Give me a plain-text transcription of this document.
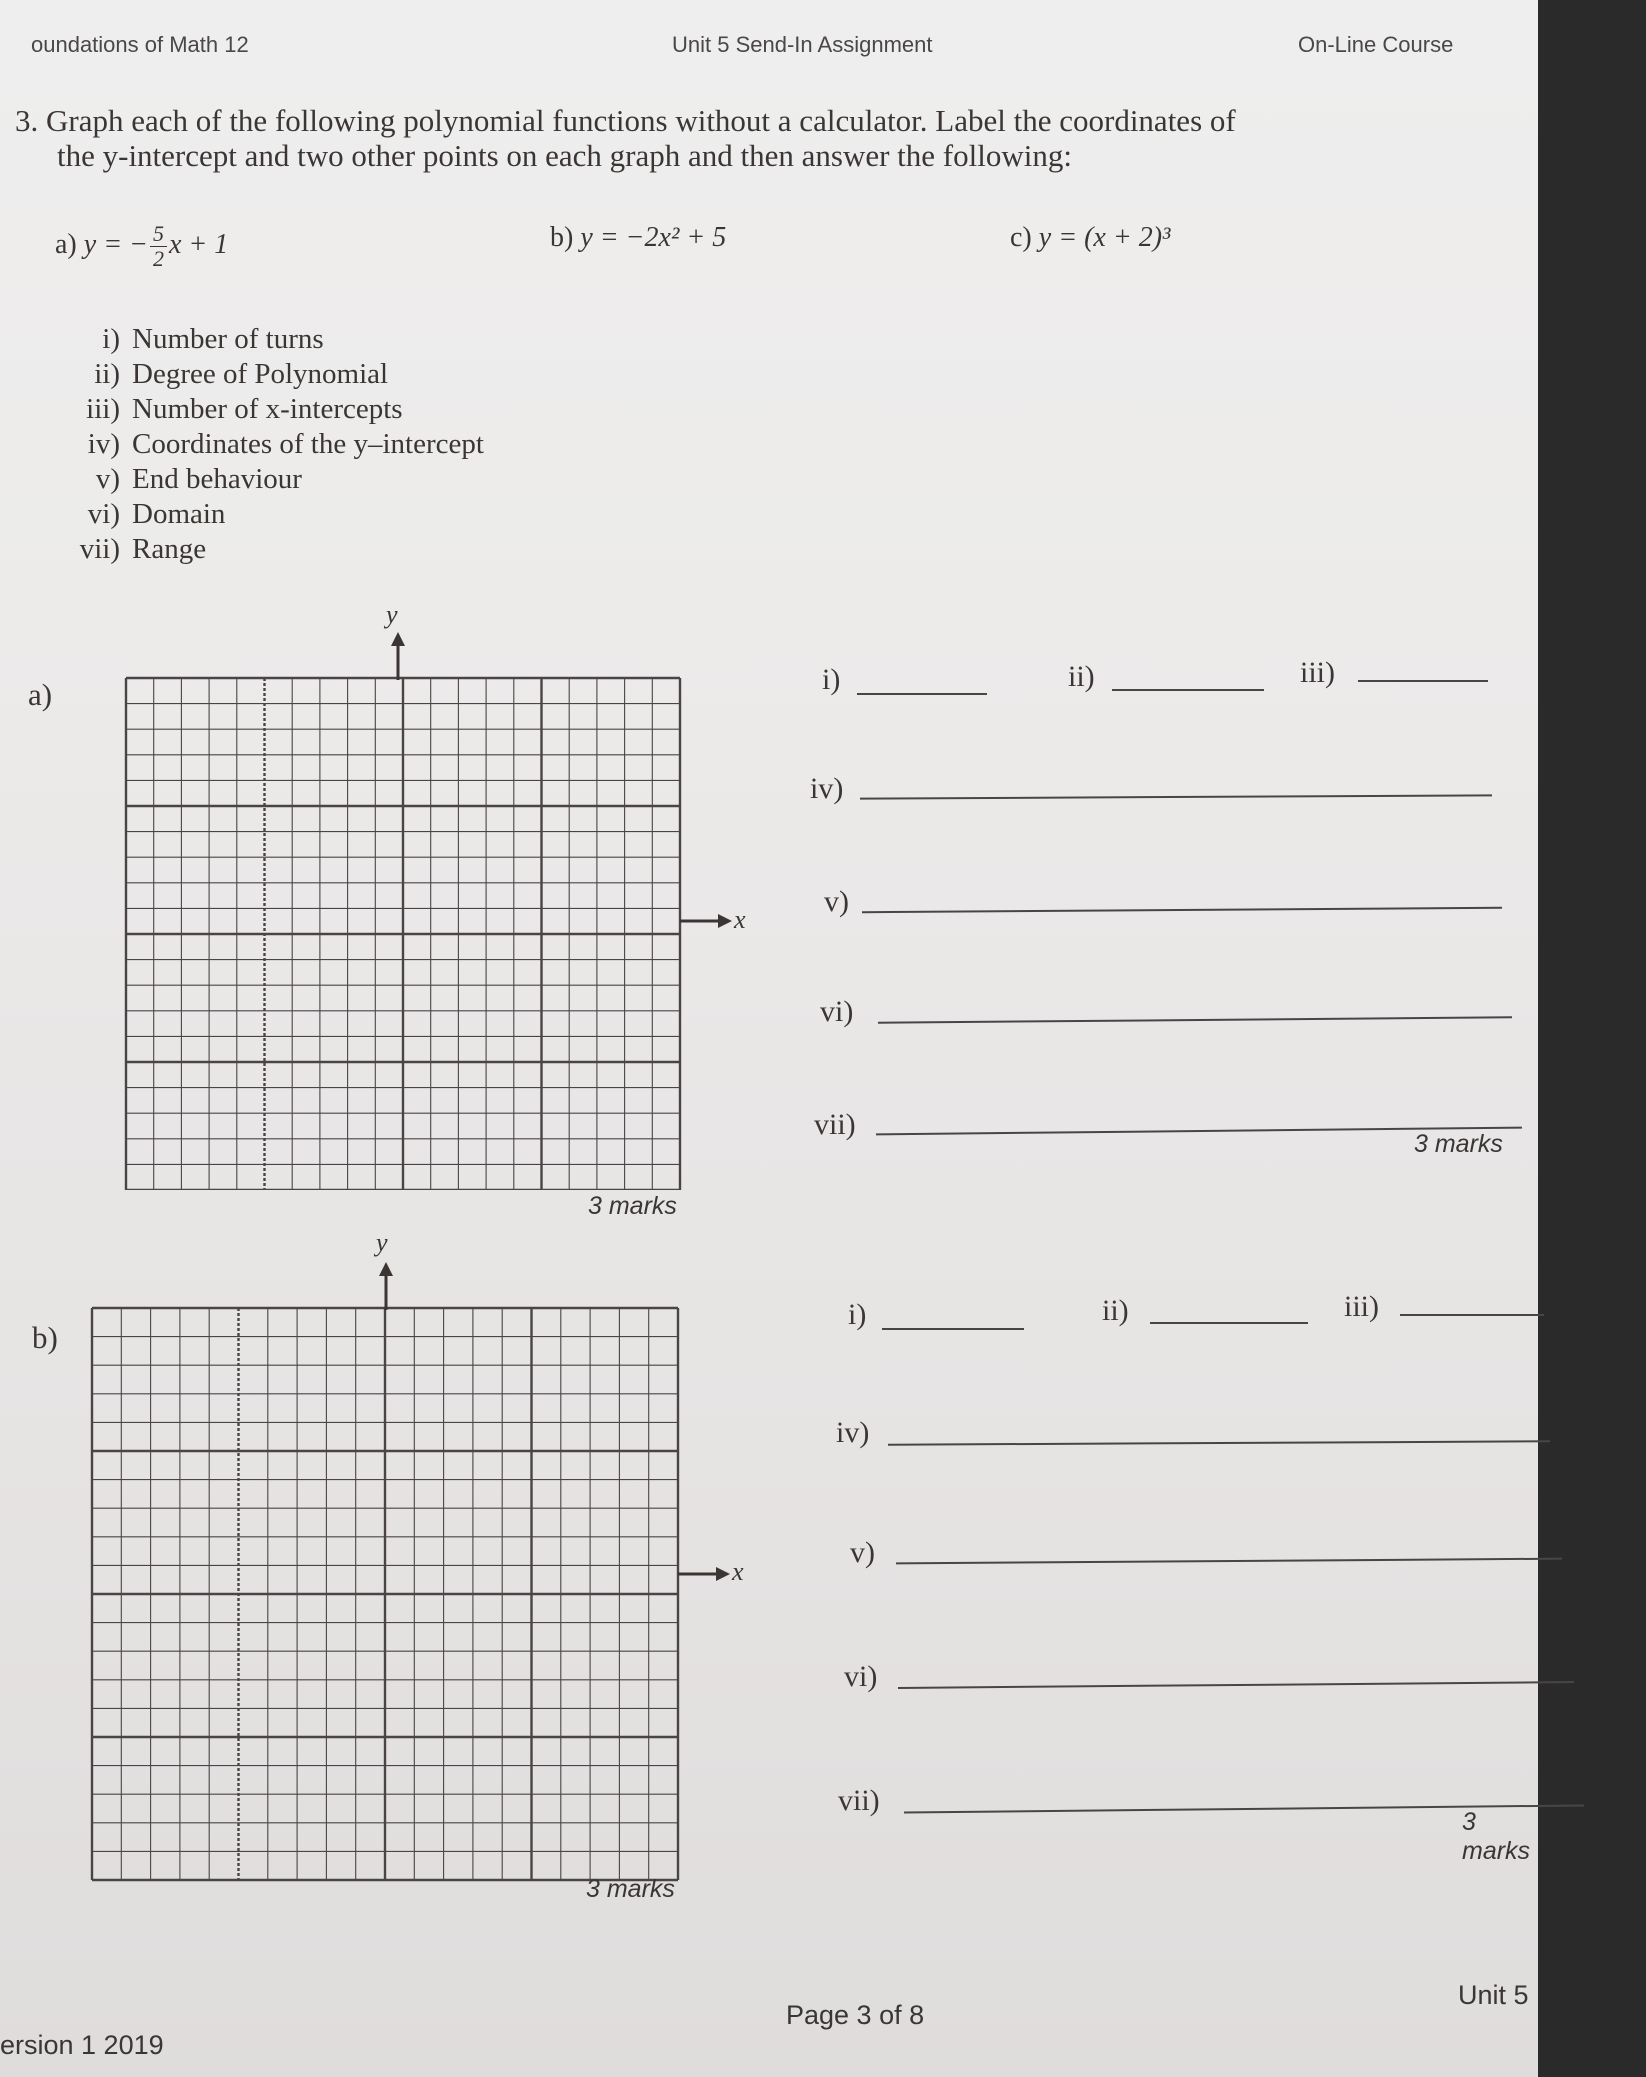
oundations of Math 12	Unit 5 Send-In Assignment	On-Line Course
3. Graph each of the following polynomial functions without a calculator. Label the coordinates of
the y-intercept and two other points on each graph and then answer the following:
a) y = − $\frac{5}{2}$ x + 1	b) y = −2x² + 5	c) y = (x + 2)³
i) Number of turns
ii) Degree of Polynomial
iii) Number of x-intercepts
iv) Coordinates of the y–intercept
v) End behaviour
vi) Domain
vii) Range
a)
y
x
3 marks
i)	ii)	iii)
iv)
v)
vi)
vii)
3 marks
b)
y
x
3 marks
i)	ii)	iii)
iv)
v)
vi)
vii)
3 marks
ersion 1 2019
Page 3 of 8
Unit 5
